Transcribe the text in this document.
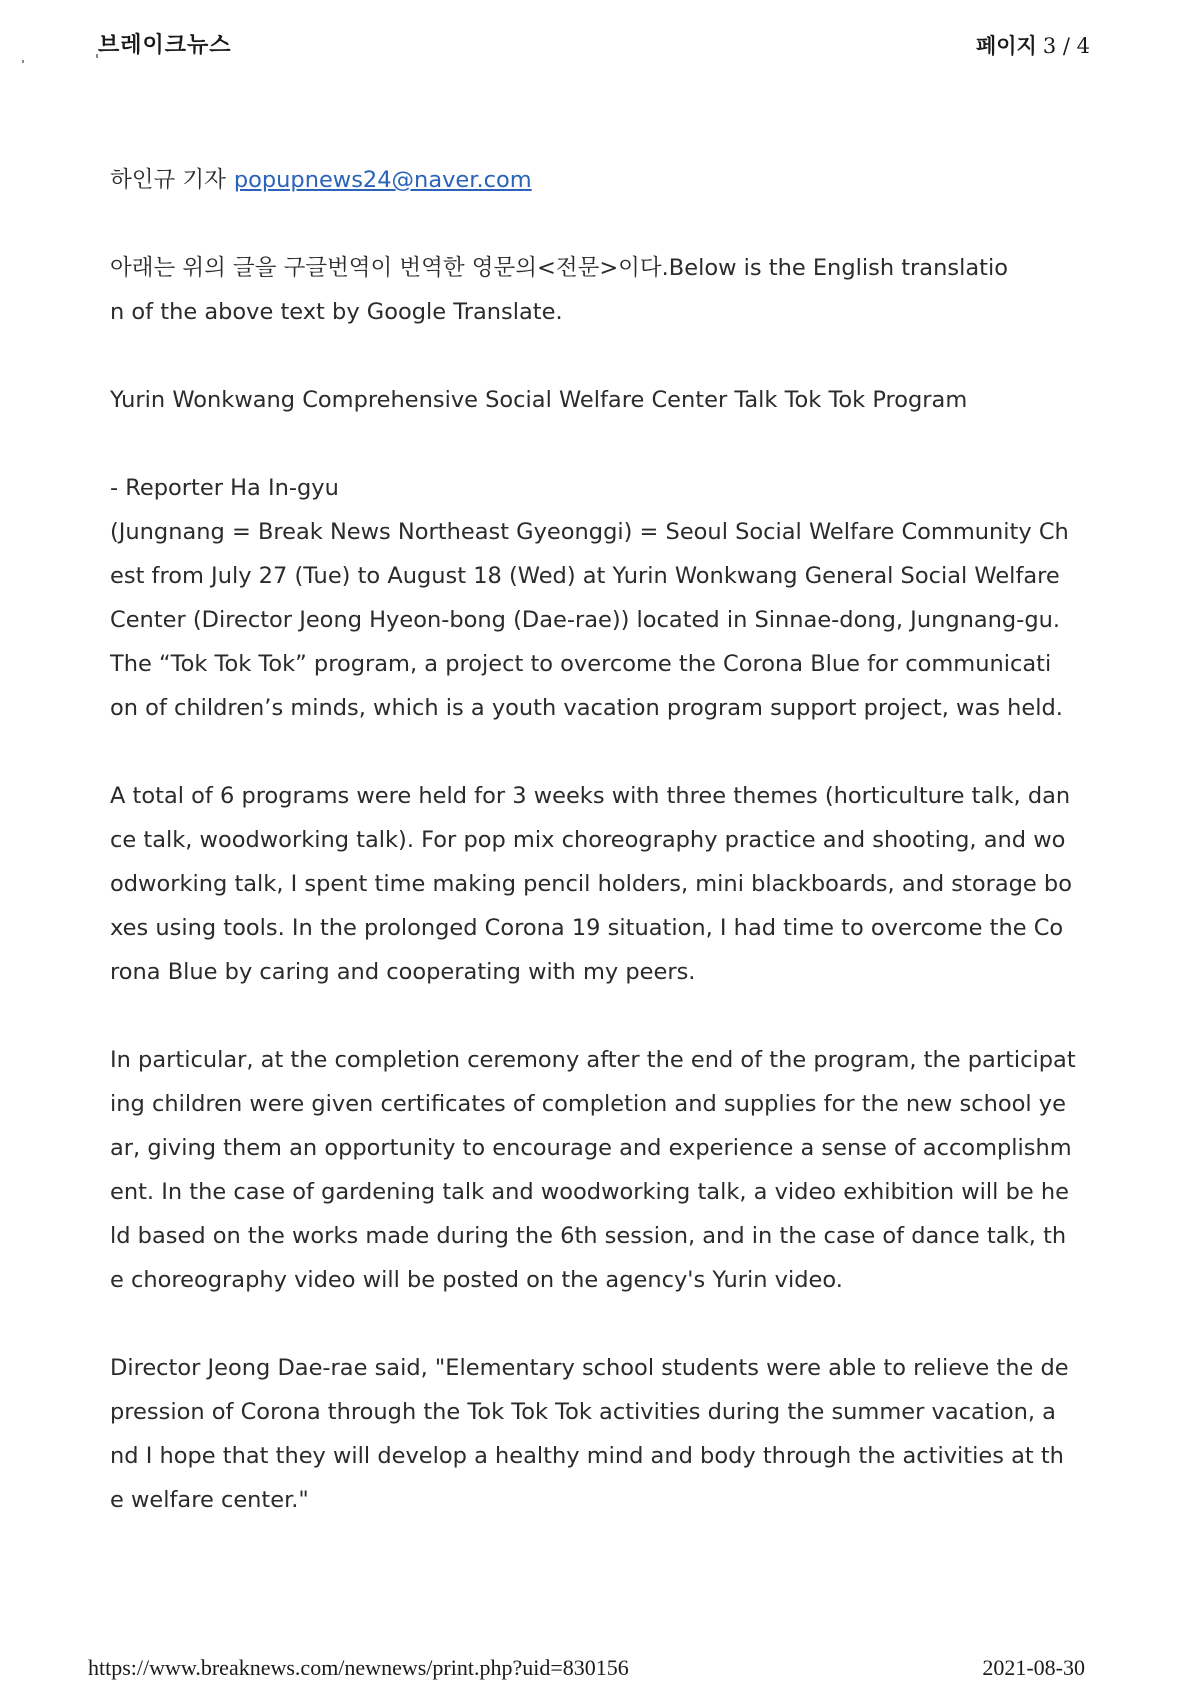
브레이크뉴스	페이지 3 / 4

하인규 기자 popupnews24@naver.com

아래는 위의 글을 구글번역이 번역한 영문의<전문>이다.Below is the English translatio
n of the above text by Google Translate.

Yurin Wonkwang Comprehensive Social Welfare Center Talk Tok Tok Program

- Reporter Ha In-gyu

(Jungnang = Break News Northeast Gyeonggi) = Seoul Social Welfare Community Ch
est from July 27 (Tue) to August 18 (Wed) at Yurin Wonkwang General Social Welfare
Center (Director Jeong Hyeon-bong (Dae-rae)) located in Sinnae-dong, Jungnang-gu.
The “Tok Tok Tok” program, a project to overcome the Corona Blue for communicati
on of children’s minds, which is a youth vacation program support project, was held.

A total of 6 programs were held for 3 weeks with three themes (horticulture talk, dan
ce talk, woodworking talk). For pop mix choreography practice and shooting, and wo
odworking talk, I spent time making pencil holders, mini blackboards, and storage bo
xes using tools. In the prolonged Corona 19 situation, I had time to overcome the Co
rona Blue by caring and cooperating with my peers.

In particular, at the completion ceremony after the end of the program, the participat
ing children were given certificates of completion and supplies for the new school ye
ar, giving them an opportunity to encourage and experience a sense of accomplishm
ent. In the case of gardening talk and woodworking talk, a video exhibition will be he
ld based on the works made during the 6th session, and in the case of dance talk, th
e choreography video will be posted on the agency's Yurin video.

Director Jeong Dae-rae said, "Elementary school students were able to relieve the de
pression of Corona through the Tok Tok Tok activities during the summer vacation, a
nd I hope that they will develop a healthy mind and body through the activities at th
e welfare center."

https://www.breaknews.com/newnews/print.php?uid=830156	2021-08-30
